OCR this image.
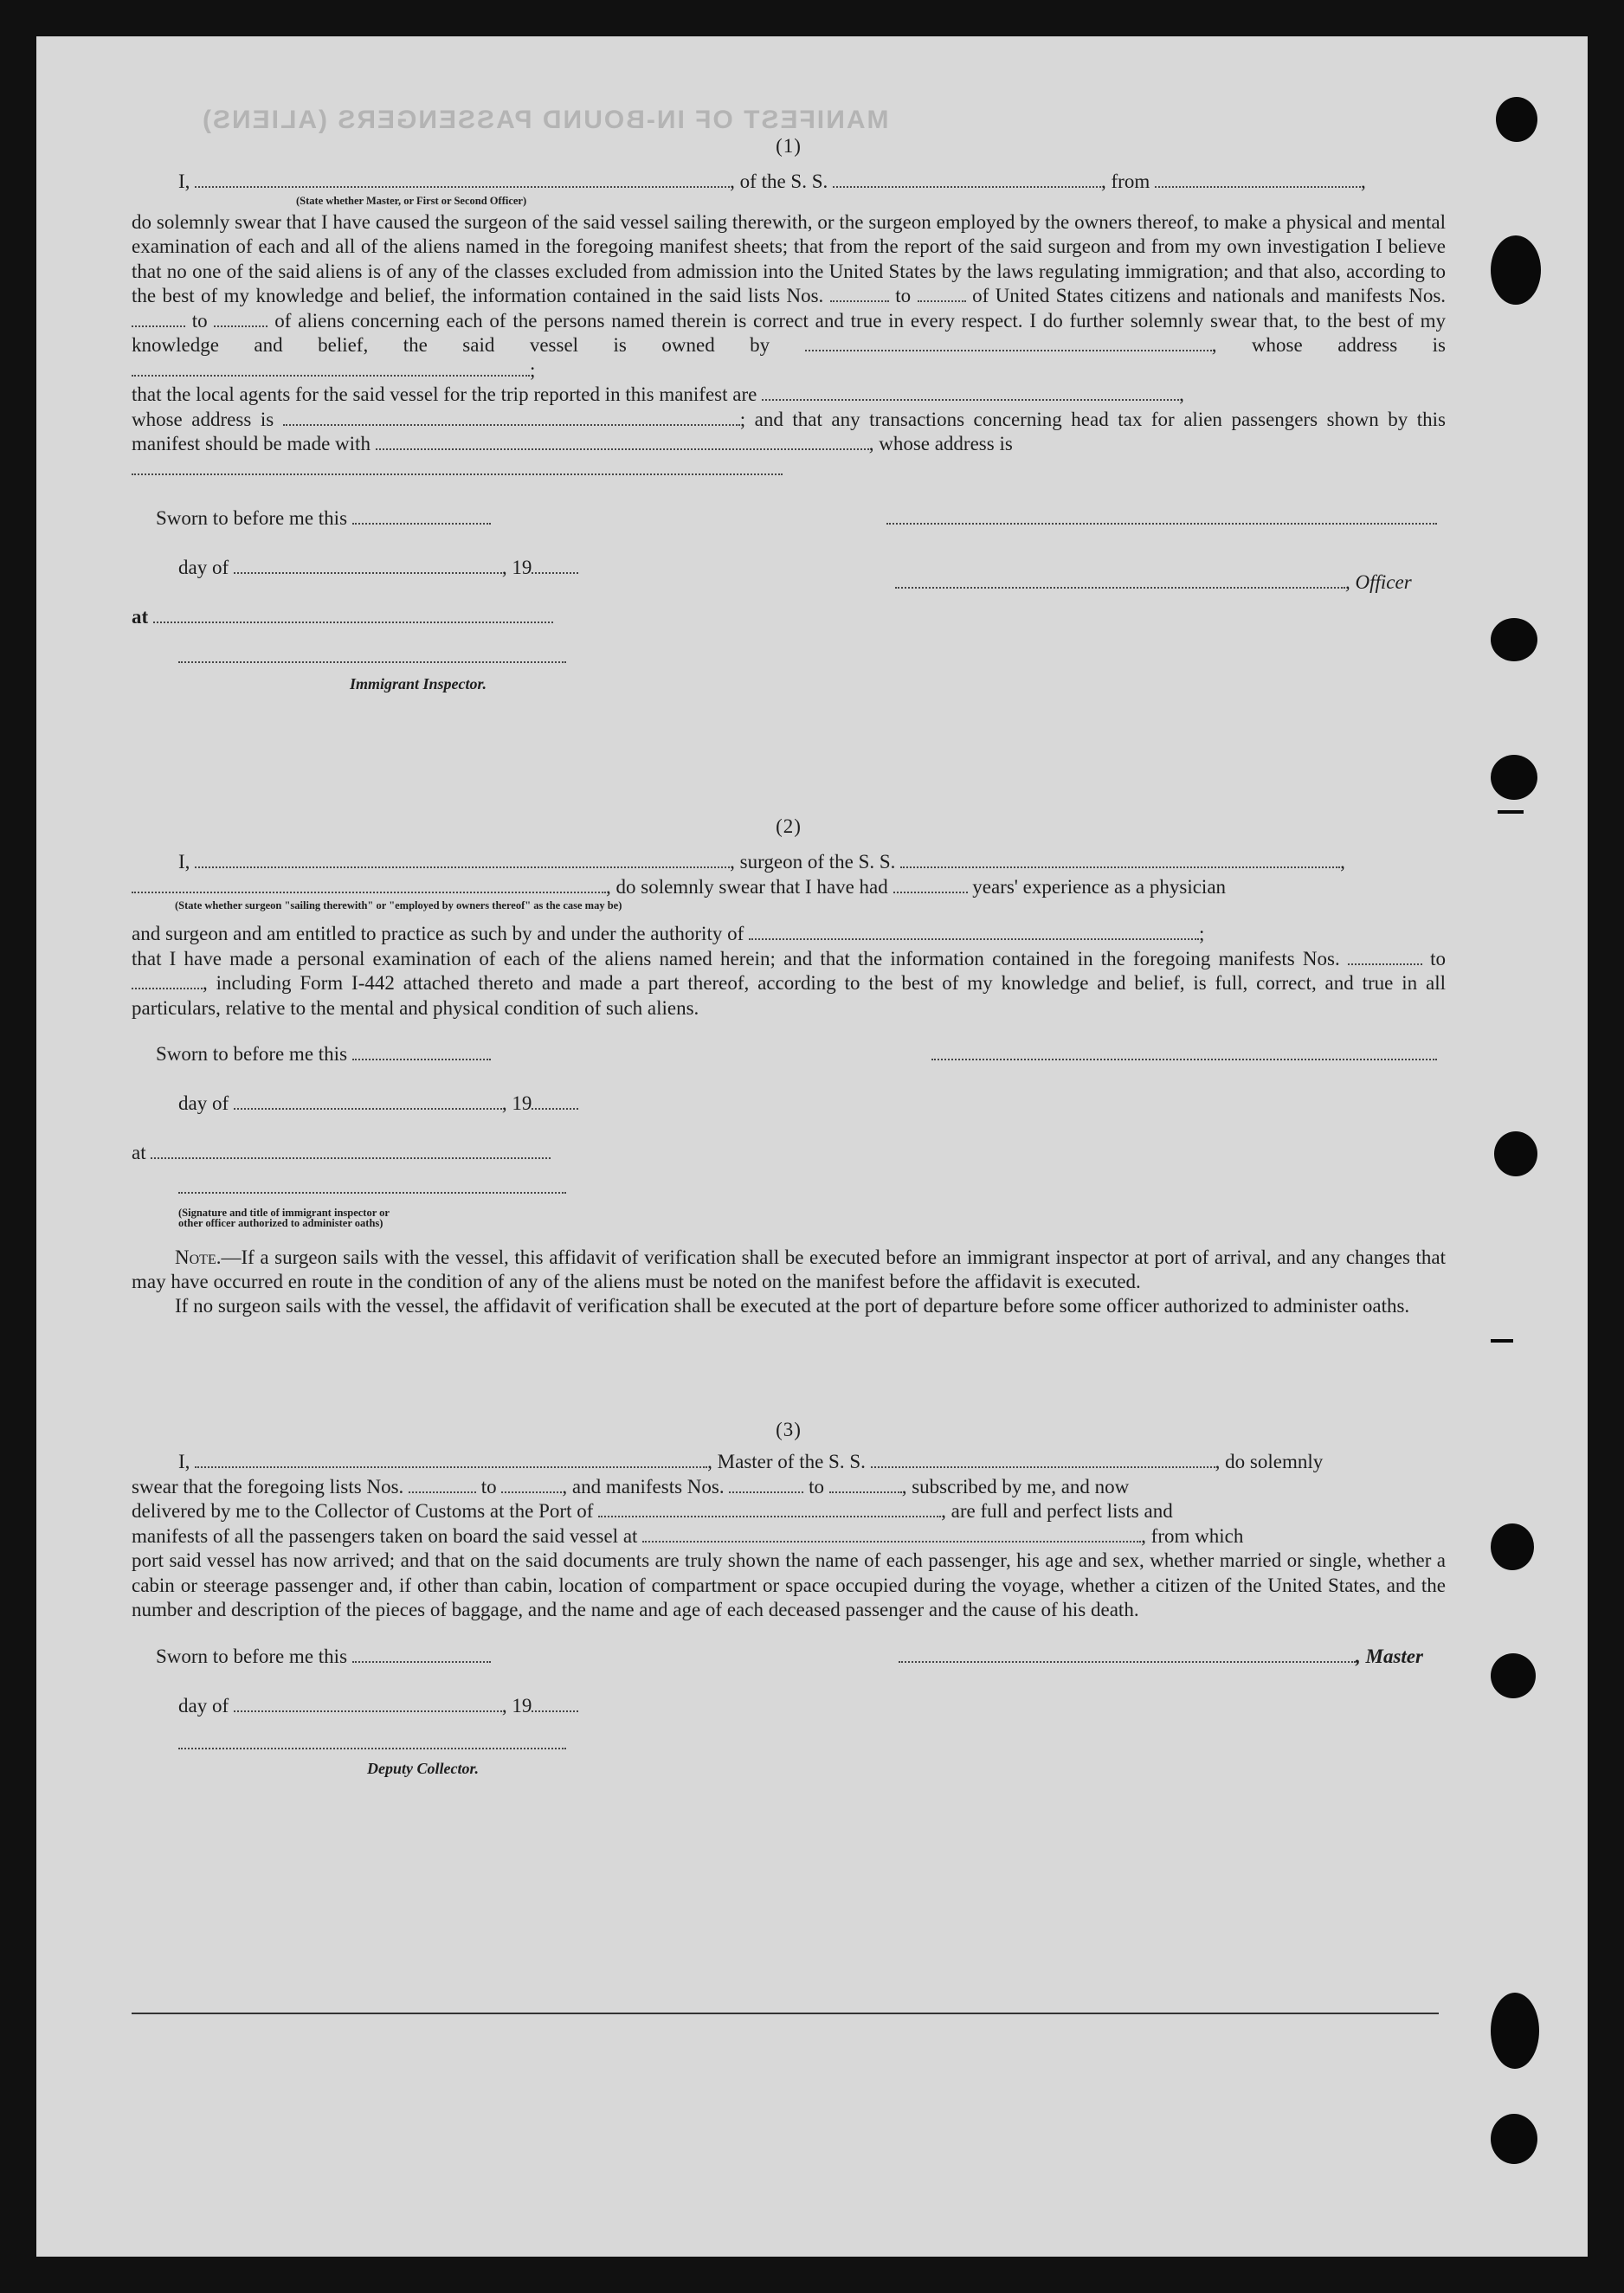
MANIFEST OF IN-BOUND PASSENGERS (ALIENS)
(1)
I,	, of the S. S.	, from	,
(State whether Master, or First or Second Officer)
do solemnly swear that I have caused the surgeon of the said vessel sailing therewith, or the surgeon employed by the owners thereof, to make a physical and mental examination of each and all of the aliens named in the foregoing manifest sheets; that from the report of the said surgeon and from my own investigation I believe that no one of the said aliens is of any of the classes excluded from admission into the United States by the laws regulating immigration; and that also, according to the best of my knowledge and belief, the information contained in the said lists Nos.	to	of United States citizens and nationals and manifests Nos.  to	of aliens concerning each of the persons named therein is correct and true in every respect. I do further solemnly swear that, to the best of my knowledge and belief, the said vessel is owned by	, whose address is ;
that the local agents for the said vessel for the trip reported in this manifest are	,
whose address is	; and that any transactions concerning head tax for alien passengers shown by this manifest should be made with	, whose address is

Sworn to before me this
day of	, 19
, Officer
at
Immigrant Inspector.
(2)
I,	, surgeon of the S. S.	,
, do solemnly swear that I have had	years' experience as a physician
(State whether surgeon "sailing therewith" or "employed by owners thereof" as the case may be)
and surgeon and am entitled to practice as such by and under the authority of	;
that I have made a personal examination of each of the aliens named herein; and that the information contained in the foregoing manifests Nos.	to , including Form I-442 attached thereto and made a part thereof, according to the best of my knowledge and belief, is full, correct, and true in all particulars, relative to the mental and physical condition of such aliens.
Sworn to before me this
day of	, 19
at
(Signature and title of immigrant inspector or
other officer authorized to administer oaths)

Note.—If a surgeon sails with the vessel, this affidavit of verification shall be executed before an immigrant inspector at port of arrival, and any changes that may have occurred en route in the condition of any of the aliens must be noted on the manifest before the affidavit is executed.

If no surgeon sails with the vessel, the affidavit of verification shall be executed at the port of departure before some officer authorized to administer oaths.

(3)
I,	, Master of the S. S.	, do solemnly
swear that the foregoing lists Nos.	to	, and manifests Nos.	to	, subscribed by me, and now
delivered by me to the Collector of Customs at the Port of	, are full and perfect lists and
manifests of all the passengers taken on board the said vessel at	, from which

port said vessel has now arrived; and that on the said documents are truly shown the name of each passenger, his age and sex, whether married or single, whether a cabin or steerage passenger and, if other than cabin, location of compartment or space occupied during the voyage, whether a citizen of the United States, and the number and description of the pieces of baggage, and the name and age of each deceased passenger and the cause of his death.

Sworn to before me this	, Master
day of	, 19
Deputy Collector.
